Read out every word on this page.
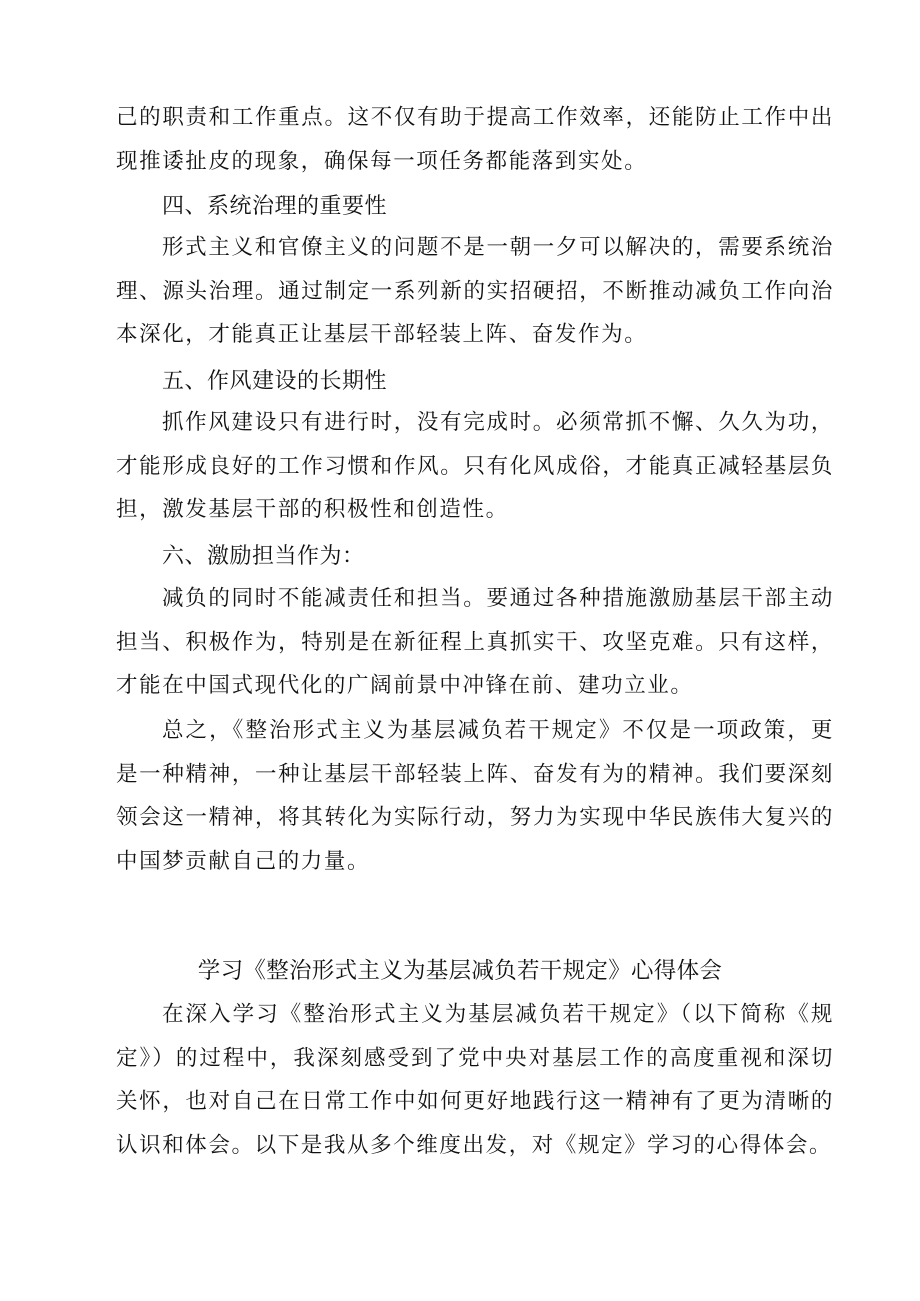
己的职责和工作重点。这不仅有助于提高工作效率，还能防止工作中出现推诿扯皮的现象，确保每一项任务都能落到实处。

四、系统治理的重要性

形式主义和官僚主义的问题不是一朝一夕可以解决的，需要系统治理、源头治理。通过制定一系列新的实招硬招，不断推动减负工作向治本深化，才能真正让基层干部轻装上阵、奋发作为。

五、作风建设的长期性

抓作风建设只有进行时，没有完成时。必须常抓不懈、久久为功，才能形成良好的工作习惯和作风。只有化风成俗，才能真正减轻基层负担，激发基层干部的积极性和创造性。

六、激励担当作为：

减负的同时不能减责任和担当。要通过各种措施激励基层干部主动担当、积极作为，特别是在新征程上真抓实干、攻坚克难。只有这样，才能在中国式现代化的广阔前景中冲锋在前、建功立业。

总之，《整治形式主义为基层减负若干规定》不仅是一项政策，更是一种精神，一种让基层干部轻装上阵、奋发有为的精神。我们要深刻领会这一精神，将其转化为实际行动，努力为实现中华民族伟大复兴的中国梦贡献自己的力量。

学习《整治形式主义为基层减负若干规定》心得体会

在深入学习《整治形式主义为基层减负若干规定》（以下简称《规定》）的过程中，我深刻感受到了党中央对基层工作的高度重视和深切关怀，也对自己在日常工作中如何更好地践行这一精神有了更为清晰的认识和体会。以下是我从多个维度出发，对《规定》学习的心得体会。
